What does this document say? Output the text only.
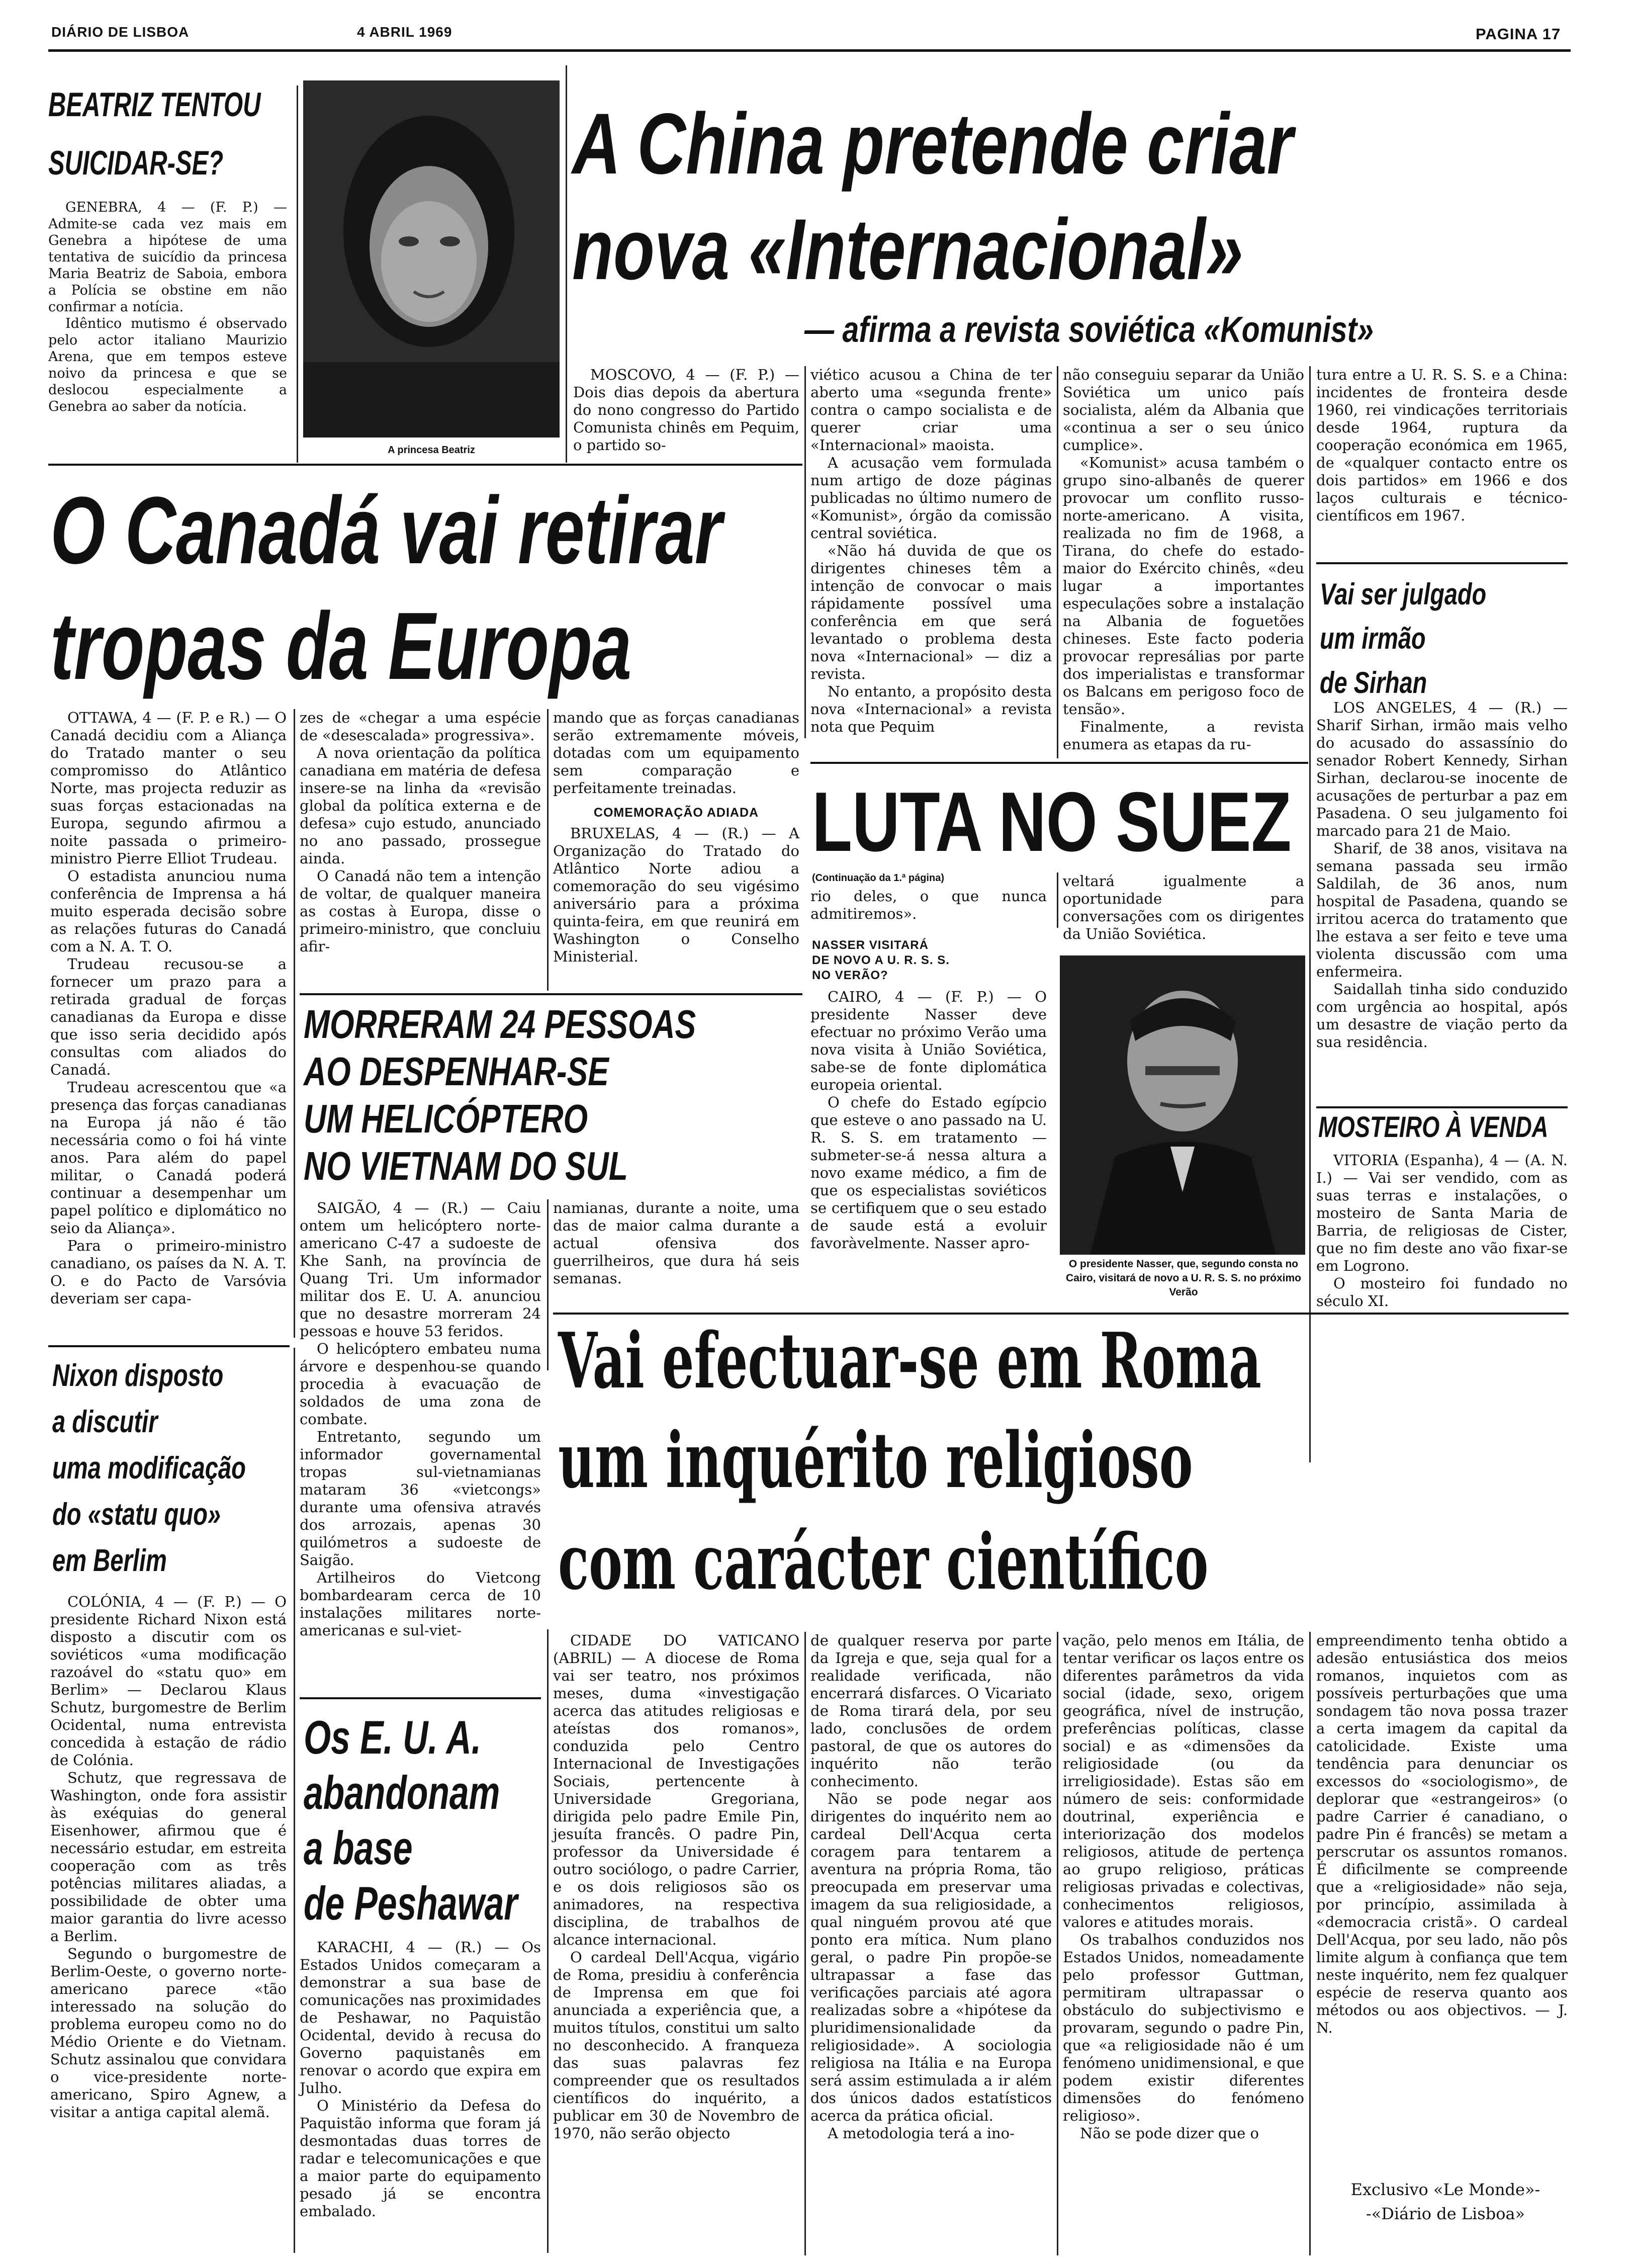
DIÁRIO DE LISBOA	4 ABRIL 1969	PAGINA 17
BEATRIZ TENTOU
SUICIDAR-SE?

GENEBRA, 4 — (F. P.) — Admite-se cada vez mais em Genebra a hipótese de uma tentativa de suicídio da princesa Maria Beatriz de Saboia, embora a Polícia se obstine em não confirmar a notícia.

Idêntico mutismo é observado pelo actor italiano Maurizio Arena, que em tempos esteve noivo da princesa e que se deslocou especialmente a Genebra ao saber da notícia.

A princesa Beatriz
A China pretende criar
nova «Internacional»
— afirma a revista soviética «Komunist»

MOSCOVO, 4 — (F. P.) — Dois dias depois da abertura do nono congresso do Partido Comunista chinês em Pequim, o partido so-

viético acusou a China de ter aberto uma «segunda frente» contra o campo socialista e de querer criar uma «Internacional» maoista.

A acusação vem formulada num artigo de doze páginas publicadas no último numero de «Komunist», órgão da comissão central soviética.

«Não há duvida de que os dirigentes chineses têm a intenção de convocar o mais rápidamente possível uma conferência em que será levantado o problema desta nova «Internacional» — diz a revista.

No entanto, a propósito desta nova «Internacional» a revista nota que Pequim

não conseguiu separar da União Soviética um unico país socialista, além da Albania que «continua a ser o seu único cumplice».

«Komunist» acusa também o grupo sino-albanês de querer provocar um conflito russo-norte-americano. A visita, realizada no fim de 1968, a Tirana, do chefe do estado-maior do Exército chinês, «deu lugar a importantes especulações sobre a instalação na Albania de foguetões chineses. Este facto poderia provocar represálias por parte dos imperialistas e transformar os Balcans em perigoso foco de tensão».

Finalmente, a revista enumera as etapas da ru-

tura entre a U. R. S. S. e a China: incidentes de fronteira desde 1960, rei vindicações territoriais desde 1964, ruptura da cooperação económica em 1965, de «qualquer contacto entre os dois partidos» em 1966 e dos laços culturais e técnico-científicos em 1967.

Vai ser julgado
um irmão
de Sirhan

LOS ANGELES, 4 — (R.) — Sharif Sirhan, irmão mais velho do acusado do assassínio do senador Robert Kennedy, Sirhan Sirhan, declarou-se inocente de acusações de perturbar a paz em Pasadena. O seu julgamento foi marcado para 21 de Maio.

Sharif, de 38 anos, visitava na semana passada seu irmão Saldilah, de 36 anos, num hospital de Pasadena, quando se irritou acerca do tratamento que lhe estava a ser feito e teve uma violenta discussão com uma enfermeira.

Saidallah tinha sido conduzido com urgência ao hospital, após um desastre de viação perto da sua residência.

MOSTEIRO À VENDA

VITORIA (Espanha), 4 — (A. N. I.) — Vai ser vendido, com as suas terras e instalações, o mosteiro de Santa Maria de Barria, de religiosas de Cister, que no fim deste ano vão fixar-se em Logrono.

O mosteiro foi fundado no século XI.

O Canadá vai retirar
tropas da Europa

OTTAWA, 4 — (F. P. e R.) — O Canadá decidiu com a Aliança do Tratado manter o seu compromisso do Atlântico Norte, mas projecta reduzir as suas forças estacionadas na Europa, segundo afirmou a noite passada o primeiro-ministro Pierre Elliot Trudeau.

O estadista anunciou numa conferência de Imprensa a há muito esperada decisão sobre as relações futuras do Canadá com a N. A. T. O.

Trudeau recusou-se a fornecer um prazo para a retirada gradual de forças canadianas da Europa e disse que isso seria decidido após consultas com aliados do Canadá.

Trudeau acrescentou que «a presença das forças canadianas na Europa já não é tão necessária como o foi há vinte anos. Para além do papel militar, o Canadá poderá continuar a desempenhar um papel político e diplomático no seio da Aliança».

Para o primeiro-ministro canadiano, os países da N. A. T. O. e do Pacto de Varsóvia deveriam ser capa-

zes de «chegar a uma espécie de «desescalada» progressiva».

A nova orientação da política canadiana em matéria de defesa insere-se na linha da «revisão global da política externa e de defesa» cujo estudo, anunciado no ano passado, prossegue ainda.

O Canadá não tem a intenção de voltar, de qualquer maneira as costas à Europa, disse o primeiro-ministro, que concluiu afir-

mando que as forças canadianas serão extremamente móveis, dotadas com um equipamento sem comparação e perfeitamente treinadas.

COMEMORAÇÃO ADIADA

BRUXELAS, 4 — (R.) — A Organização do Tratado do Atlântico Norte adiou a comemoração do seu vigésimo aniversário para a próxima quinta-feira, em que reunirá em Washington o Conselho Ministerial.

MORRERAM 24 PESSOAS
AO DESPENHAR-SE
UM HELICÓPTERO
NO VIETNAM DO SUL

SAIGÃO, 4 — (R.) — Caiu ontem um helicóptero norte-americano C-47 a sudoeste de Khe Sanh, na província de Quang Tri. Um informador militar dos E. U. A. anunciou que no desastre morreram 24 pessoas e houve 53 feridos.

O helicóptero embateu numa árvore e despenhou-se quando procedia à evacuação de soldados de uma zona de combate.

Entretanto, segundo um informador governamental tropas sul-vietnamianas mataram 36 «vietcongs» durante uma ofensiva através dos arrozais, apenas 30 quilómetros a sudoeste de Saigão.

Artilheiros do Vietcong bombardearam cerca de 10 instalações militares norte-americanas e sul-viet-

namianas, durante a noite, uma das de maior calma durante a actual ofensiva dos guerrilheiros, que dura há seis semanas.

LUTA NO SUEZ
(Continuação da 1.ª página)

rio deles, o que nunca admitiremos».

veltará igualmente a oportunidade para conversações com os dirigentes da União Soviética.

NASSER VISITARÁ
DE NOVO A U. R. S. S.
NO VERÃO?

CAIRO, 4 — (F. P.) — O presidente Nasser deve efectuar no próximo Verão uma nova visita à União Soviética, sabe-se de fonte diplomática europeia oriental.

O chefe do Estado egípcio que esteve o ano passado na U. R. S. S. em tratamento — submeter-se-á nessa altura a novo exame médico, a fim de que os especialistas soviéticos se certifiquem que o seu estado de saude está a evoluir favoràvelmente. Nasser apro-

O presidente Nasser, que, segundo consta no Cairo, visitará de novo a U. R. S. S. no próximo Verão
Nixon disposto
a discutir
uma modificação
do «statu quo»
em Berlim

COLÓNIA, 4 — (F. P.) — O presidente Richard Nixon está disposto a discutir com os soviéticos «uma modificação razoável do «statu quo» em Berlim» — Declarou Klaus Schutz, burgomestre de Berlim Ocidental, numa entrevista concedida à estação de rádio de Colónia.

Schutz, que regressava de Washington, onde fora assistir às exéquias do general Eisenhower, afirmou que é necessário estudar, em estreita cooperação com as três potências militares aliadas, a possibilidade de obter uma maior garantia do livre acesso a Berlim.

Segundo o burgomestre de Berlim-Oeste, o governo norte-americano parece «tão interessado na solução do problema europeu como no do Médio Oriente e do Vietnam. Schutz assinalou que convidara o vice-presidente norte-americano, Spiro Agnew, a visitar a antiga capital alemã.

Os E. U. A.
abandonam
a base
de Peshawar

KARACHI, 4 — (R.) — Os Estados Unidos começaram a demonstrar a sua base de comunicações nas proximidades de Peshawar, no Paquistão Ocidental, devido à recusa do Governo paquistanês em renovar o acordo que expira em Julho.

O Ministério da Defesa do Paquistão informa que foram já desmontadas duas torres de radar e telecomunicações e que a maior parte do equipamento pesado já se encontra embalado.

Vai efectuar-se em Roma
um inquérito religioso
com carácter científico

CIDADE DO VATICANO (ABRIL) — A diocese de Roma vai ser teatro, nos próximos meses, duma «investigação acerca das atitudes religiosas e ateístas dos romanos», conduzida pelo Centro Internacional de Investigações Sociais, pertencente à Universidade Gregoriana, dirigida pelo padre Emile Pin, jesuíta francês. O padre Pin, professor da Universidade é outro sociólogo, o padre Carrier, e os dois religiosos são os animadores, na respectiva disciplina, de trabalhos de alcance internacional.

O cardeal Dell'Acqua, vigário de Roma, presidiu à conferência de Imprensa em que foi anunciada a experiência que, a muitos títulos, constitui um salto no desconhecido. A franqueza das suas palavras fez compreender que os resultados científicos do inquérito, a publicar em 30 de Novembro de 1970, não serão objecto

de qualquer reserva por parte da Igreja e que, seja qual for a realidade verificada, não encerrará disfarces. O Vicariato de Roma tirará dela, por seu lado, conclusões de ordem pastoral, de que os autores do inquérito não terão conhecimento.

Não se pode negar aos dirigentes do inquérito nem ao cardeal Dell'Acqua certa coragem para tentarem a aventura na própria Roma, tão preocupada em preservar uma imagem da sua religiosidade, a qual ninguém provou até que ponto era mítica. Num plano geral, o padre Pin propõe-se ultrapassar a fase das verificações parciais até agora realizadas sobre a «hipótese da pluridimensionalidade da religiosidade». A sociologia religiosa na Itália e na Europa será assim estimulada a ir além dos únicos dados estatísticos acerca da prática oficial.

A metodologia terá a ino-

vação, pelo menos em Itália, de tentar verificar os laços entre os diferentes parâmetros da vida social (idade, sexo, origem geográfica, nível de instrução, preferências políticas, classe social) e as «dimensões da religiosidade (ou da irreligiosidade). Estas são em número de seis: conformidade doutrinal, experiência e interiorização dos modelos religiosos, atitude de pertença ao grupo religioso, práticas religiosas privadas e colectivas, conhecimentos religiosos, valores e atitudes morais.

Os trabalhos conduzidos nos Estados Unidos, nomeadamente pelo professor Guttman, permitiram ultrapassar o obstáculo do subjectivismo e provaram, segundo o padre Pin, que «a religiosidade não é um fenómeno unidimensional, e que podem existir diferentes dimensões do fenómeno religioso».

Não se pode dizer que o

empreendimento tenha obtido a adesão entusiástica dos meios romanos, inquietos com as possíveis perturbações que uma sondagem tão nova possa trazer a certa imagem da capital da catolicidade. Existe uma tendência para denunciar os excessos do «sociologismo», de deplorar que «estrangeiros» (o padre Carrier é canadiano, o padre Pin é francês) se metam a perscrutar os assuntos romanos. É difìcilmente se compreende que a «religiosidade» não seja, por princípio, assimilada à «democracia cristã». O cardeal Dell'Acqua, por seu lado, não pôs limite algum à confiança que tem neste inquérito, nem fez qualquer espécie de reserva quanto aos métodos ou aos objectivos. — J. N.

Exclusivo «Le Monde»-
-«Diário de Lisboa»
